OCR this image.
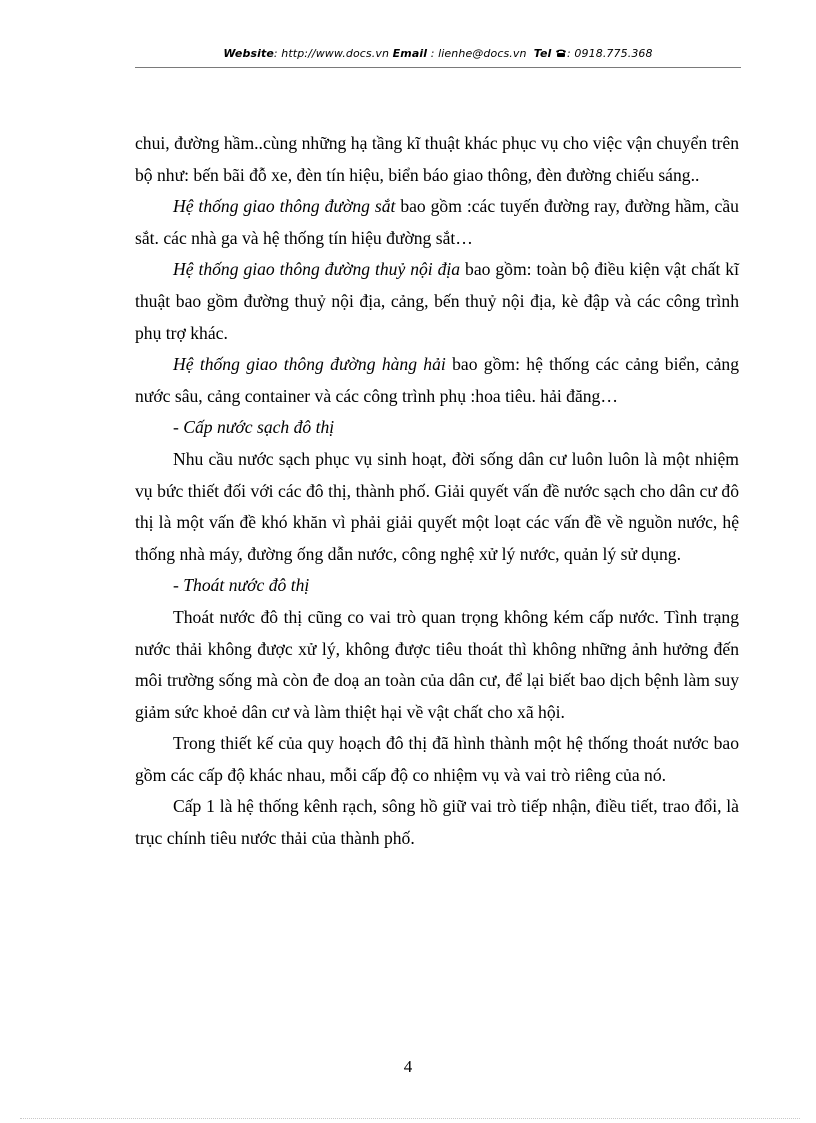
Website: http://www.docs.vn Email : lienhe@docs.vn Tel : 0918.775.368

chui, đường hầm..cùng những hạ tầng kĩ thuật khác phục vụ cho việc vận chuyển trên bộ như: bến bãi đỗ xe, đèn tín hiệu, biển báo giao thông, đèn đường chiếu sáng..

Hệ thống giao thông đường sắt bao gồm :các tuyến đường ray, đường hầm, cầu sắt. các nhà ga và hệ thống tín hiệu đường sắt…

Hệ thống giao thông đường thuỷ nội địa bao gồm: toàn bộ điều kiện vật chất kĩ thuật bao gồm đường thuỷ nội địa, cảng, bến thuỷ nội địa, kè đập và các công trình phụ trợ khác.

Hệ thống giao thông đường hàng hải bao gồm: hệ thống các cảng biển, cảng nước sâu, cảng container và các công trình phụ :hoa tiêu. hải đăng…

- Cấp nước sạch đô thị

Nhu cầu nước sạch phục vụ sinh hoạt, đời sống dân cư luôn luôn là một nhiệm vụ bức thiết đối với các đô thị, thành phố. Giải quyết vấn đề nước sạch cho dân cư đô thị là một vấn đề khó khăn vì phải giải quyết một loạt các vấn đề về nguồn nước, hệ thống nhà máy, đường ống dẫn nước, công nghệ xử lý nước, quản lý sử dụng.

- Thoát nước đô thị

Thoát nước đô thị cũng co vai trò quan trọng không kém cấp nước. Tình trạng nước thải không được xử lý, không được tiêu thoát thì không những ảnh hưởng đến môi trường sống mà còn đe doạ an toàn của dân cư, để lại biết bao dịch bệnh làm suy giảm sức khoẻ dân cư và làm thiệt hại về vật chất cho xã hội.

Trong thiết kế của quy hoạch đô thị đã hình thành một hệ thống thoát nước bao gồm các cấp độ khác nhau, mỗi cấp độ co nhiệm vụ và vai trò riêng của nó.

Cấp 1 là hệ thống kênh rạch, sông hồ giữ vai trò tiếp nhận, điều tiết, trao đổi, là trục chính tiêu nước thải của thành phố.

4
